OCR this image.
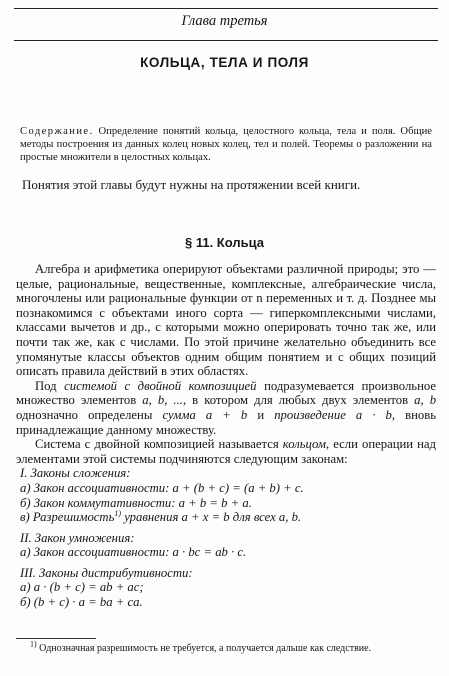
Глава третья
КОЛЬЦА, ТЕЛА И ПОЛЯ
Содержание. Определение понятий кольца, целостного кольца, тела и поля. Общие методы построения из данных колец новых колец, тел и полей. Теоремы о разложении на простые множители в целостных кольцах.
Понятия этой главы будут нужны на протяжении всей книги.
§ 11. Кольца

Алгебра и арифметика оперируют объектами различной природы; это — целые, рациональные, вещественные, комплексные, алгебраические числа, многочлены или рациональные функции от n переменных и т. д. Позднее мы познакомимся с объектами иного сорта — гиперкомплексными числами, классами вычетов и др., с которыми можно оперировать точно так же, или почти так же, как с числами. По этой причине желательно объединить все упомянутые классы объектов одним общим понятием и с общих позиций описать правила действий в этих областях.

Под системой с двойной композицией подразумевается произвольное множество элементов a, b, ..., в котором для любых двух элементов a, b однозначно определены сумма a + b и произведение a · b, вновь принадлежащие данному множеству.

Система с двойной композицией называется кольцом, если операции над элементами этой системы подчиняются следующим законам:

I. Законы сложения:
а) Закон ассоциативности: a + (b + c) = (a + b) + c.
б) Закон коммутативности: a + b = b + a.
в) Разрешимость$^{1)}$ уравнения a + x = b для всех a, b.
II. Закон умножения:
а) Закон ассоциативности: a · bc = ab · c.
III. Законы дистрибутивности:
а) a · (b + c) = ab + ac;
б) (b + c) · a = ba + ca.
$^{1)}$ Однозначная разрешимость не требуется, а получается дальше как следствие.
